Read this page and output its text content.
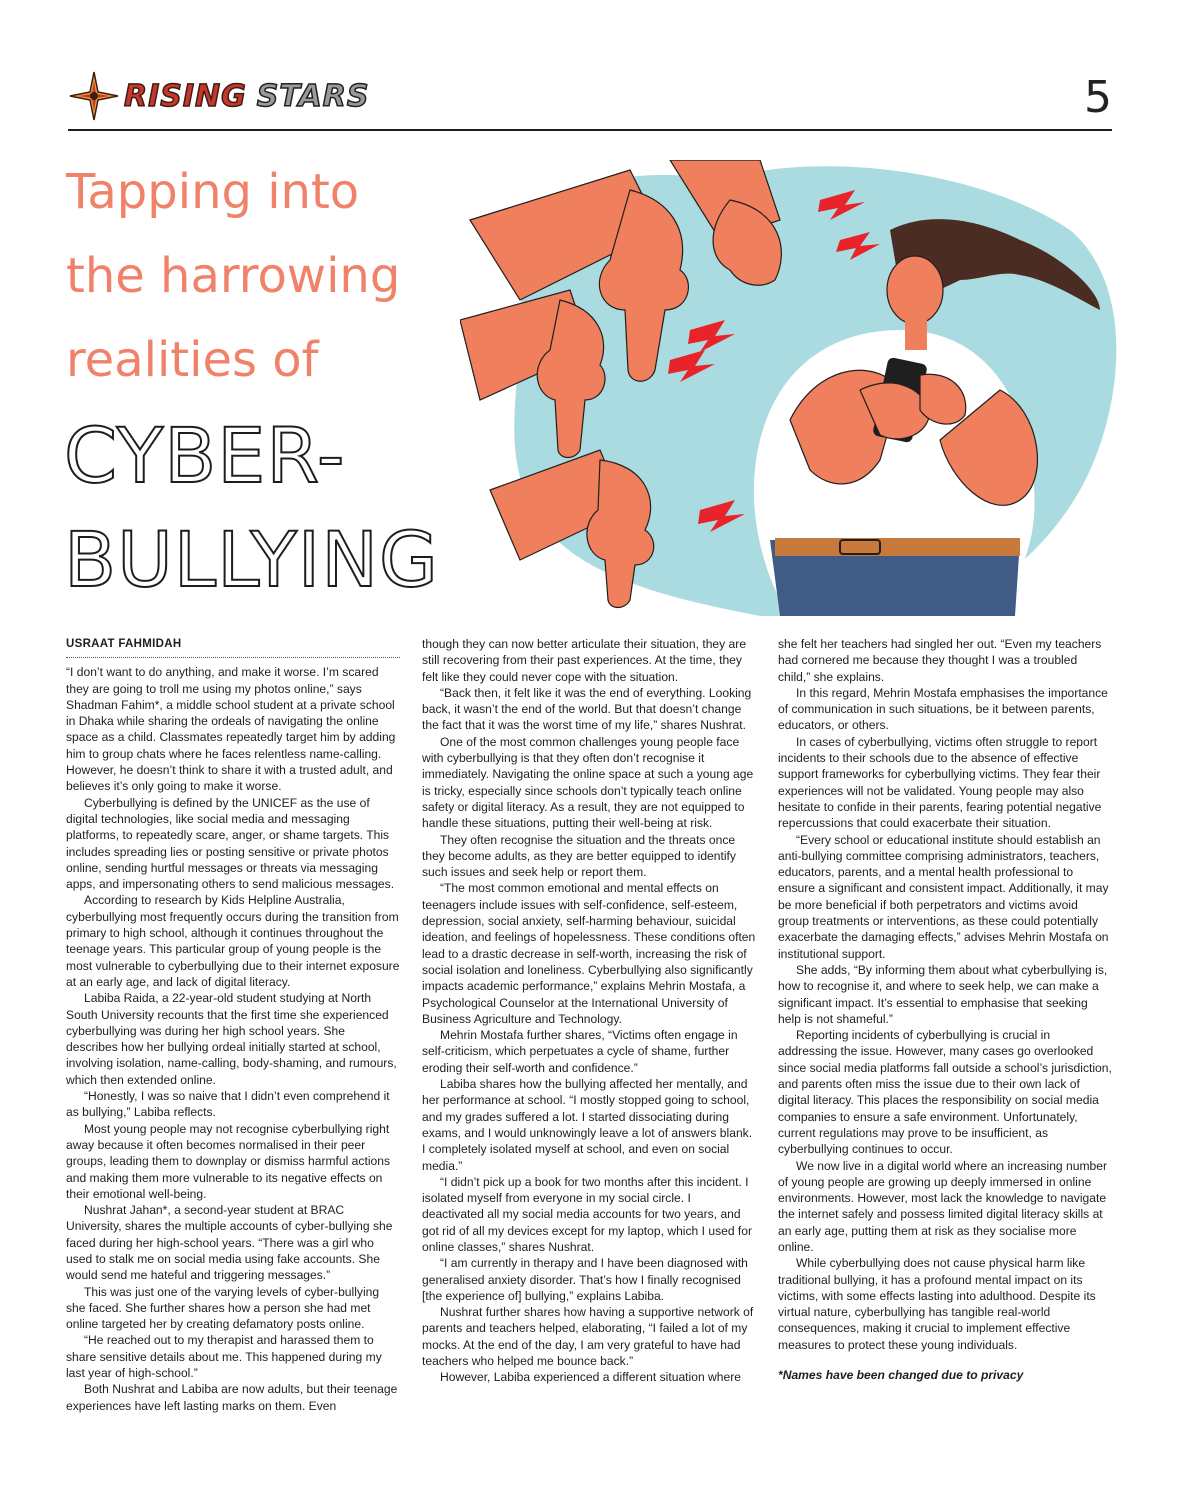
RISING STARS	5
Tapping into
the harrowing
realities of
CYBER-
BULLYING
USRAAT FAHMIDAH

“I don’t want to do anything, and make it worse. I’m scared they are going to troll me using my photos online,” says Shadman Fahim*, a middle school student at a private school in Dhaka while sharing the ordeals of navigating the online space as a child. Classmates repeatedly target him by adding him to group chats where he faces relentless name-calling. However, he doesn’t think to share it with a trusted adult, and believes it’s only going to make it worse.

Cyberbullying is defined by the UNICEF as the use of digital technologies, like social media and messaging platforms, to repeatedly scare, anger, or shame targets. This includes spreading lies or posting sensitive or private photos online, sending hurtful messages or threats via messaging apps, and impersonating others to send malicious messages.

According to research by Kids Helpline Australia, cyberbullying most frequently occurs during the transition from primary to high school, although it continues throughout the teenage years. This particular group of young people is the most vulnerable to cyberbullying due to their internet exposure at an early age, and lack of digital literacy.

Labiba Raida, a 22-year-old student studying at North South University recounts that the first time she experienced cyberbullying was during her high school years. She describes how her bullying ordeal initially started at school, involving isolation, name-calling, body-shaming, and rumours, which then extended online.

“Honestly, I was so naive that I didn’t even comprehend it as bullying,” Labiba reflects.

Most young people may not recognise cyberbullying right away because it often becomes normalised in their peer groups, leading them to downplay or dismiss harmful actions and making them more vulnerable to its negative effects on their emotional well-being.

Nushrat Jahan*, a second-year student at BRAC University, shares the multiple accounts of cyber-bullying she faced during her high-school years. “There was a girl who used to stalk me on social media using fake accounts. She would send me hateful and triggering messages.”

This was just one of the varying levels of cyber-bullying she faced. She further shares how a person she had met online targeted her by creating defamatory posts online.

“He reached out to my therapist and harassed them to share sensitive details about me. This happened during my last year of high-school.”

Both Nushrat and Labiba are now adults, but their teenage experiences have left lasting marks on them. Even

though they can now better articulate their situation, they are still recovering from their past experiences. At the time, they felt like they could never cope with the situation.

“Back then, it felt like it was the end of everything. Looking back, it wasn’t the end of the world. But that doesn’t change the fact that it was the worst time of my life,” shares Nushrat.

One of the most common challenges young people face with cyberbullying is that they often don’t recognise it immediately. Navigating the online space at such a young age is tricky, especially since schools don’t typically teach online safety or digital literacy. As a result, they are not equipped to handle these situations, putting their well-being at risk.

They often recognise the situation and the threats once they become adults, as they are better equipped to identify such issues and seek help or report them.

“The most common emotional and mental effects on teenagers include issues with self-confidence, self-esteem, depression, social anxiety, self-harming behaviour, suicidal ideation, and feelings of hopelessness. These conditions often lead to a drastic decrease in self-worth, increasing the risk of social isolation and loneliness. Cyberbullying also significantly impacts academic performance,” explains Mehrin Mostafa, a Psychological Counselor at the International University of Business Agriculture and Technology.

Mehrin Mostafa further shares, “Victims often engage in self-criticism, which perpetuates a cycle of shame, further eroding their self-worth and confidence.”

Labiba shares how the bullying affected her mentally, and her performance at school. “I mostly stopped going to school, and my grades suffered a lot. I started dissociating during exams, and I would unknowingly leave a lot of answers blank. I completely isolated myself at school, and even on social media.”

“I didn’t pick up a book for two months after this incident. I isolated myself from everyone in my social circle. I deactivated all my social media accounts for two years, and got rid of all my devices except for my laptop, which I used for online classes,” shares Nushrat.

“I am currently in therapy and I have been diagnosed with generalised anxiety disorder. That’s how I finally recognised [the experience of] bullying,” explains Labiba.

Nushrat further shares how having a supportive network of parents and teachers helped, elaborating, “I failed a lot of my mocks. At the end of the day, I am very grateful to have had teachers who helped me bounce back.”

However, Labiba experienced a different situation where

she felt her teachers had singled her out. “Even my teachers had cornered me because they thought I was a troubled child,” she explains.

In this regard, Mehrin Mostafa emphasises the importance of communication in such situations, be it between parents, educators, or others.

In cases of cyberbullying, victims often struggle to report incidents to their schools due to the absence of effective support frameworks for cyberbullying victims. They fear their experiences will not be validated. Young people may also hesitate to confide in their parents, fearing potential negative repercussions that could exacerbate their situation.

“Every school or educational institute should establish an anti-bullying committee comprising administrators, teachers, educators, parents, and a mental health professional to ensure a significant and consistent impact. Additionally, it may be more beneficial if both perpetrators and victims avoid group treatments or interventions, as these could potentially exacerbate the damaging effects,” advises Mehrin Mostafa on institutional support.

She adds, “By informing them about what cyberbullying is, how to recognise it, and where to seek help, we can make a significant impact. It’s essential to emphasise that seeking help is not shameful.”

Reporting incidents of cyberbullying is crucial in addressing the issue. However, many cases go overlooked since social media platforms fall outside a school’s jurisdiction, and parents often miss the issue due to their own lack of digital literacy. This places the responsibility on social media companies to ensure a safe environment. Unfortunately, current regulations may prove to be insufficient, as cyberbullying continues to occur.

We now live in a digital world where an increasing number of young people are growing up deeply immersed in online environments. However, most lack the knowledge to navigate the internet safely and possess limited digital literacy skills at an early age, putting them at risk as they socialise more online.

While cyberbullying does not cause physical harm like traditional bullying, it has a profound mental impact on its victims, with some effects lasting into adulthood. Despite its virtual nature, cyberbullying has tangible real-world consequences, making it crucial to implement effective measures to protect these young individuals.

*Names have been changed due to privacy
